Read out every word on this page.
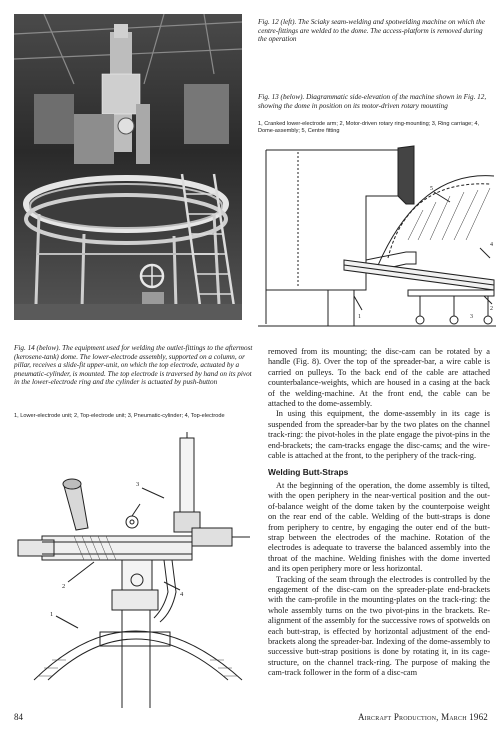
Fig. 12 (left). The Sciaky seam-welding and spotwelding machine on which the centre-fittings are welded to the dome. The access-platform is removed during the operation
Fig. 13 (below). Diagrammatic side-elevation of the machine shown in Fig. 12, showing the dome in position on its motor-driven rotary mounting
1, Cranked lower-electrode arm; 2, Motor-driven rotary ring-mounting; 3, Ring carriage; 4, Dome-assembly; 5, Centre fitting
5
4
1
2
3
Fig. 14 (below). The equipment used for welding the outlet-fittings to the aftermost (kerosene-tank) dome. The lower-electrode assembly, supported on a column, or pillar, receives a slide-fit upper-unit, on which the top electrode, actuated by a pneumatic-cylinder, is mounted. The top electrode is traversed by hand on its pivot in the lower-electrode ring and the cylinder is actuated by push-button
1, Lower-electrode unit; 2, Top-electrode unit; 3, Pneumatic-cylinder; 4, Top-electrode
3
2
4
1

removed from its mounting; the disc-cam can be rotated by a handle (Fig. 8). Over the top of the spreader-bar, a wire cable is carried on pulleys. To the back end of the cable are attached counterbalance-weights, which are housed in a casing at the back of the welding-machine. At the front end, the cable can be attached to the dome-assembly.

In using this equipment, the dome-assembly in its cage is suspended from the spreader-bar by the two plates on the channel track-ring: the pivot-holes in the plate engage the pivot-pins in the end-brackets; the cam-tracks engage the disc-cams; and the wire-cable is attached at the front, to the periphery of the track-ring.

Welding Butt-Straps

At the beginning of the operation, the dome assembly is tilted, with the open periphery in the near-vertical position and the out-of-balance weight of the dome taken by the counterpoise weight on the rear end of the cable. Welding of the butt-straps is done from periphery to centre, by engaging the outer end of the butt-strap between the electrodes of the machine. Rotation of the electrodes is adequate to traverse the balanced assembly into the throat of the machine. Welding finishes with the dome inverted and its open periphery more or less horizontal.

Tracking of the seam through the electrodes is controlled by the engagement of the disc-cam on the spreader-plate end-brackets with the cam-profile in the mounting-plates on the track-ring: the whole assembly turns on the two pivot-pins in the brackets. Re-alignment of the assembly for the successive rows of spotwelds on each butt-strap, is effected by horizontal adjustment of the end-brackets along the spreader-bar. Indexing of the dome-assembly to successive butt-strap positions is done by rotating it, in its cage-structure, on the channel track-ring. The purpose of making the cam-track follower in the form of a disc-cam

84	Aircraft Production, March 1962
